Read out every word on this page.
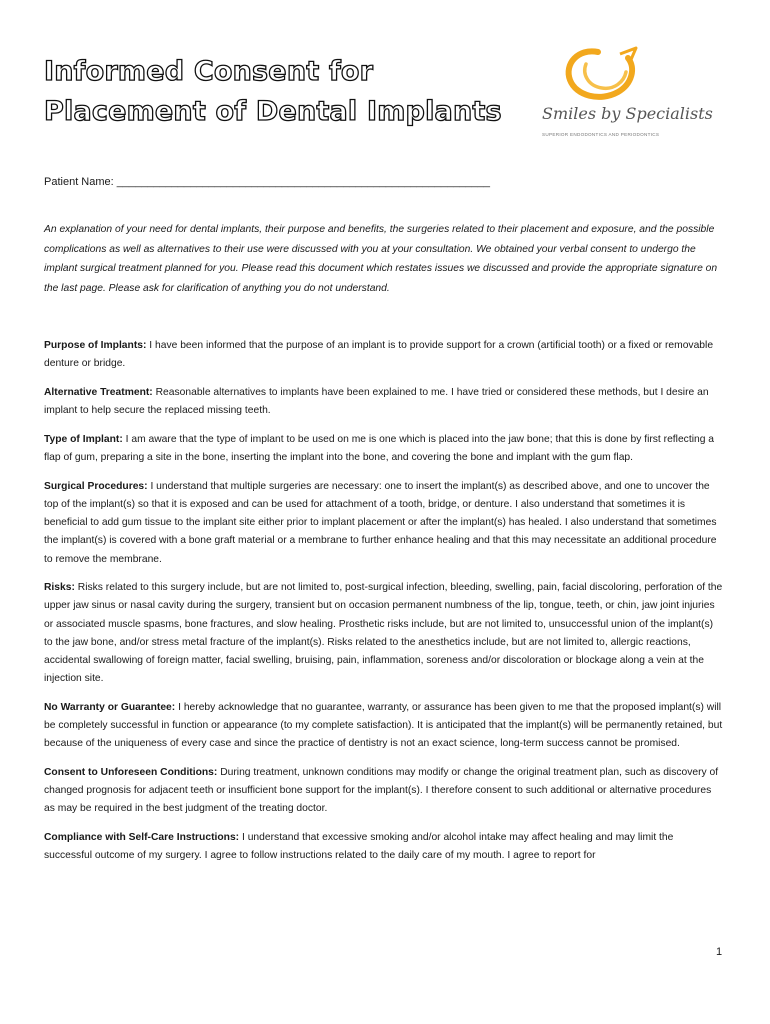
Informed Consent for
Placement of Dental Implants	Smiles by Specialists
SUPERIOR ENDODONTICS AND PERIODONTICS
Patient Name: _____________________________________________________________
An explanation of your need for dental implants, their purpose and benefits, the surgeries related to their placement and exposure, and the possible complications as well as alternatives to their use were discussed with you at your consultation. We obtained your verbal consent to undergo the implant surgical treatment planned for you. Please read this document which restates issues we discussed and provide the appropriate signature on the last page. Please ask for clarification of anything you do not understand.

Purpose of Implants: I have been informed that the purpose of an implant is to provide support for a crown (artificial tooth) or a fixed or removable denture or bridge.

Alternative Treatment: Reasonable alternatives to implants have been explained to me. I have tried or considered these methods, but I desire an implant to help secure the replaced missing teeth.

Type of Implant: I am aware that the type of implant to be used on me is one which is placed into the jaw bone; that this is done by first reflecting a flap of gum, preparing a site in the bone, inserting the implant into the bone, and covering the bone and implant with the gum flap.

Surgical Procedures: I understand that multiple surgeries are necessary: one to insert the implant(s) as described above, and one to uncover the top of the implant(s) so that it is exposed and can be used for attachment of a tooth, bridge, or denture. I also understand that sometimes it is beneficial to add gum tissue to the implant site either prior to implant placement or after the implant(s) has healed. I also understand that sometimes the implant(s) is covered with a bone graft material or a membrane to further enhance healing and that this may necessitate an additional procedure to remove the membrane.

Risks: Risks related to this surgery include, but are not limited to, post-surgical infection, bleeding, swelling, pain, facial discoloring, perforation of the upper jaw sinus or nasal cavity during the surgery, transient but on occasion permanent numbness of the lip, tongue, teeth, or chin, jaw joint injuries or associated muscle spasms, bone fractures, and slow healing. Prosthetic risks include, but are not limited to, unsuccessful union of the implant(s) to the jaw bone, and/or stress metal fracture of the implant(s). Risks related to the anesthetics include, but are not limited to, allergic reactions, accidental swallowing of foreign matter, facial swelling, bruising, pain, inflammation, soreness and/or discoloration or blockage along a vein at the injection site.

No Warranty or Guarantee: I hereby acknowledge that no guarantee, warranty, or assurance has been given to me that the proposed implant(s) will be completely successful in function or appearance (to my complete satisfaction). It is anticipated that the implant(s) will be permanently retained, but because of the uniqueness of every case and since the practice of dentistry is not an exact science, long-term success cannot be promised.

Consent to Unforeseen Conditions: During treatment, unknown conditions may modify or change the original treatment plan, such as discovery of changed prognosis for adjacent teeth or insufficient bone support for the implant(s). I therefore consent to such additional or alternative procedures as may be required in the best judgment of the treating doctor.

Compliance with Self-Care Instructions: I understand that excessive smoking and/or alcohol intake may affect healing and may limit the successful outcome of my surgery. I agree to follow instructions related to the daily care of my mouth. I agree to report for

1
